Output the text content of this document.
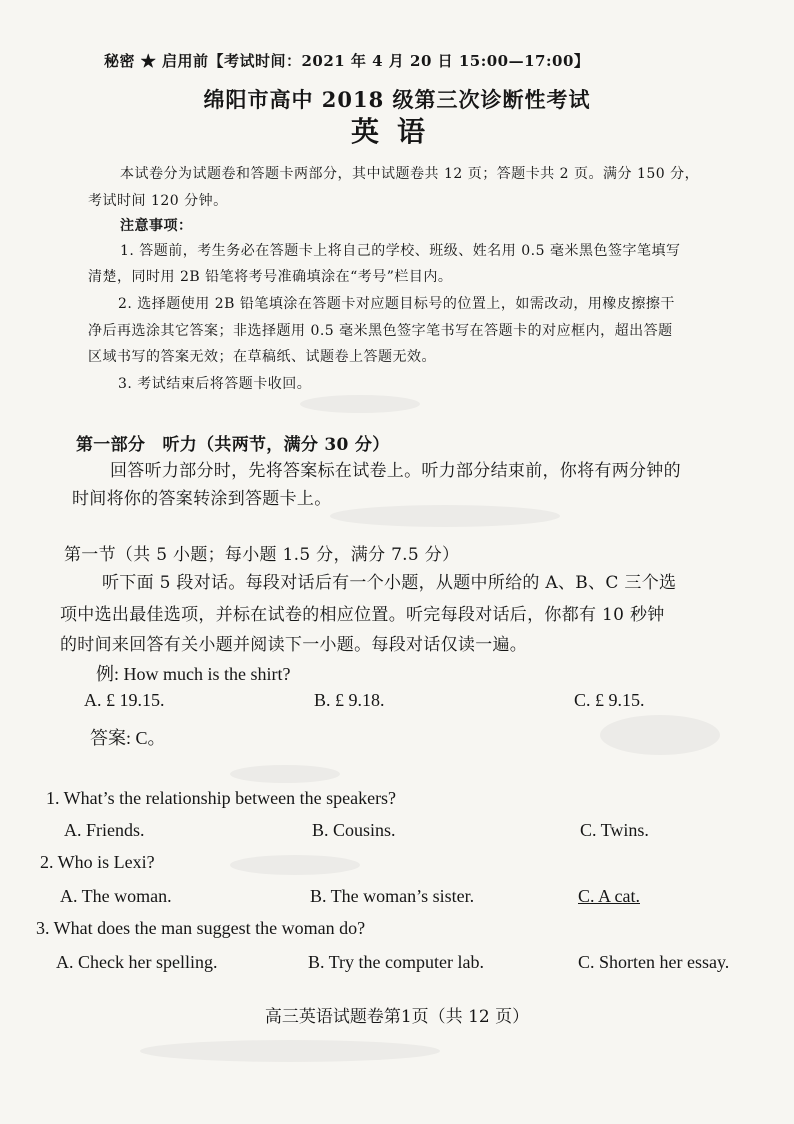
秘密 ★ 启用前【考试时间：2021 年 4 月 20 日 15:00—17:00】
绵阳市高中 2018 级第三次诊断性考试
英语
本试卷分为试题卷和答题卡两部分，其中试题卷共 12 页；答题卡共 2 页。满分 150 分，
考试时间 120 分钟。
注意事项：
1. 答题前，考生务必在答题卡上将自己的学校、班级、姓名用 0.5 毫米黑色签字笔填写
清楚，同时用 2B 铅笔将考号准确填涂在“考号”栏目内。
2. 选择题使用 2B 铅笔填涂在答题卡对应题目标号的位置上，如需改动，用橡皮擦擦干
净后再选涂其它答案；非选择题用 0.5 毫米黑色签字笔书写在答题卡的对应框内，超出答题
区域书写的答案无效；在草稿纸、试题卷上答题无效。
3. 考试结束后将答题卡收回。
第一部分　听力（共两节，满分 30 分）
回答听力部分时，先将答案标在试卷上。听力部分结束前，你将有两分钟的
时间将你的答案转涂到答题卡上。
第一节（共 5 小题；每小题 1.5 分，满分 7.5 分）
听下面 5 段对话。每段对话后有一个小题，从题中所给的 A、B、C 三个选
项中选出最佳选项，并标在试卷的相应位置。听完每段对话后，你都有 10 秒钟
的时间来回答有关小题并阅读下一小题。每段对话仅读一遍。
例: How much is the shirt?
A. £ 19.15.	B. £ 9.18.	C. £ 9.15.
答案: C。
1. What’s the relationship between the speakers?
A. Friends.	B. Cousins.	C. Twins.
2. Who is Lexi?
A. The woman.	B. The woman’s sister.	C. A cat.
3. What does the man suggest the woman do?
A. Check her spelling.	B. Try the computer lab.	C. Shorten her essay.
高三英语试题卷第1页（共 12 页）
